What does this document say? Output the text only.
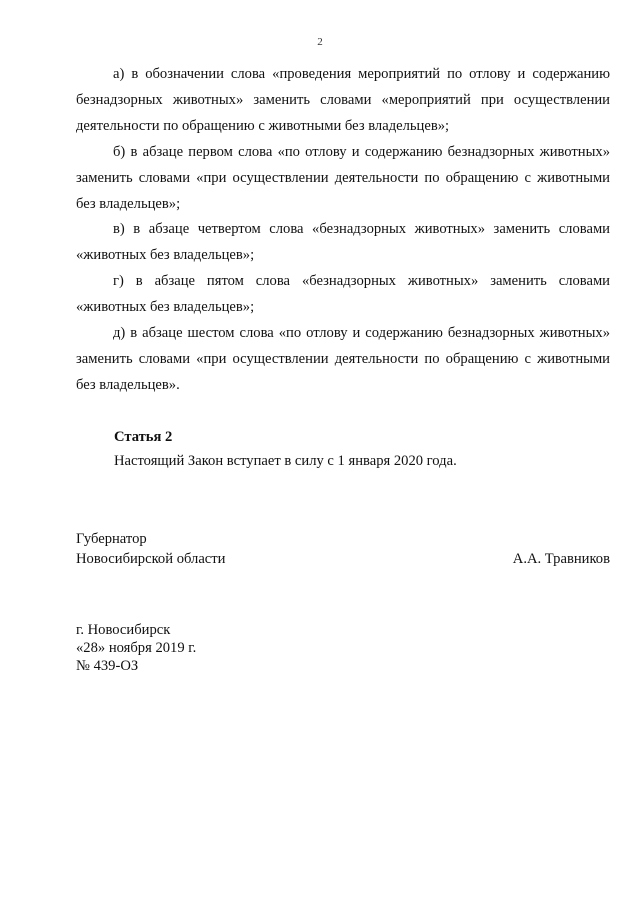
2

а) в обозначении слова «проведения мероприятий по отлову и содержанию безнадзорных животных» заменить словами «мероприятий при осуществлении деятельности по обращению с животными без владельцев»;

б) в абзаце первом слова «по отлову и содержанию безнадзорных животных» заменить словами «при осуществлении деятельности по обращению с животными без владельцев»;

в) в абзаце четвертом слова «безнадзорных животных» заменить словами «животных без владельцев»;

г) в абзаце пятом слова «безнадзорных животных» заменить словами «животных без владельцев»;

д) в абзаце шестом слова «по отлову и содержанию безнадзорных животных» заменить словами «при осуществлении деятельности по обращению с животными без владельцев».

Статья 2
Настоящий Закон вступает в силу с 1 января 2020 года.
Губернатор
Новосибирской области	А.А. Травников
г. Новосибирск
«28» ноября 2019 г.
№ 439-ОЗ
